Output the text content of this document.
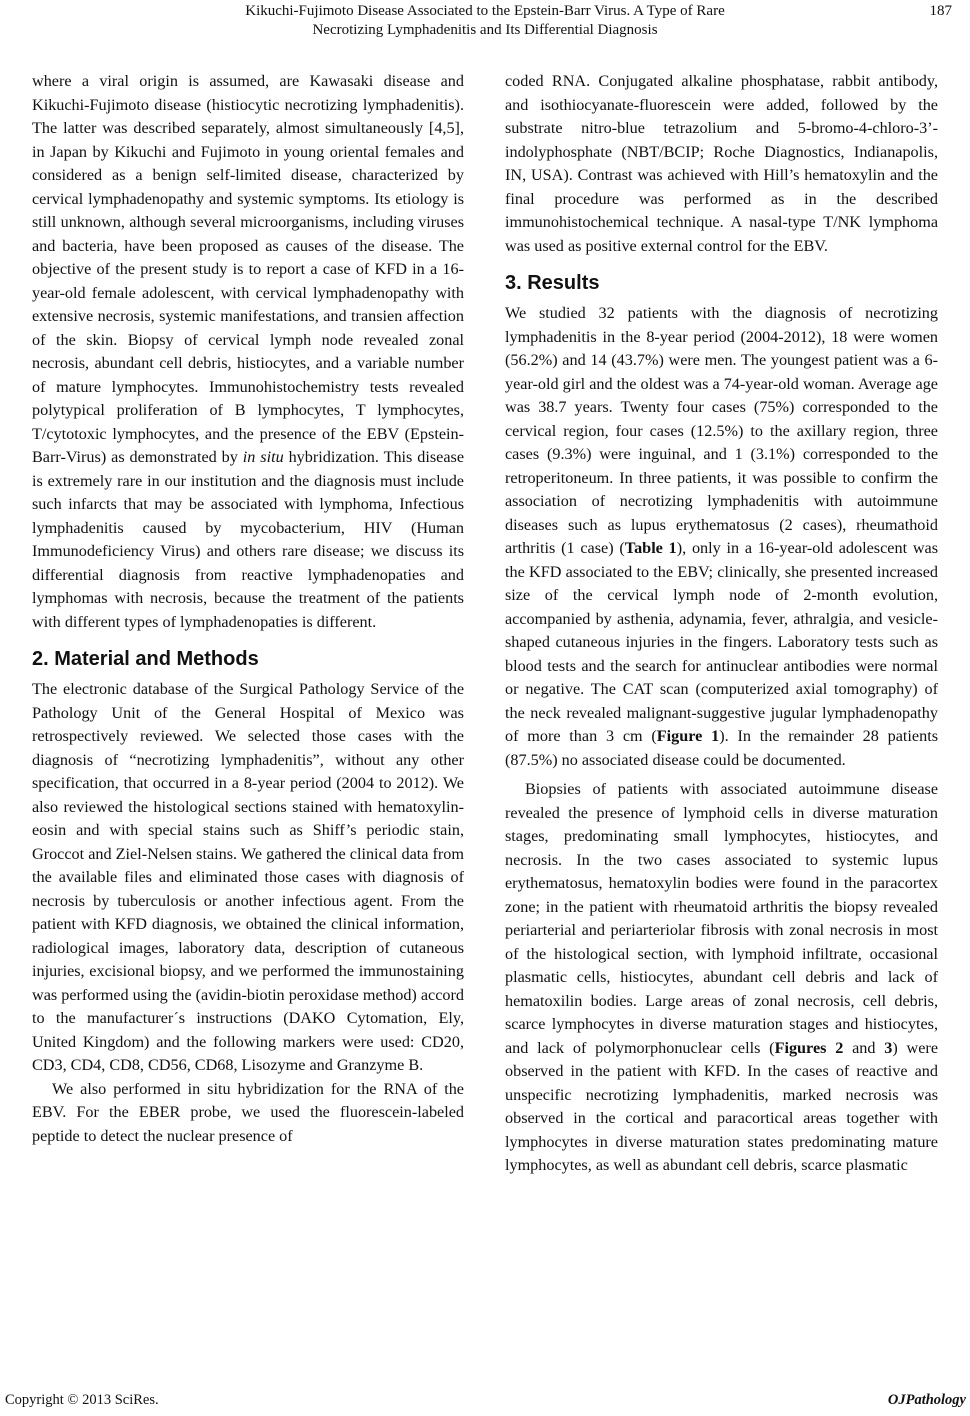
Kikuchi-Fujimoto Disease Associated to the Epstein-Barr Virus. A Type of Rare
Necrotizing Lymphadenitis and Its Differential Diagnosis
187

where a viral origin is assumed, are Kawasaki disease and Kikuchi-Fujimoto disease (histiocytic necrotizing lymphadenitis). The latter was described separately, almost simultaneously [4,5], in Japan by Kikuchi and Fujimoto in young oriental females and considered as a benign self-limited disease, characterized by cervical lymphadenopathy and systemic symptoms. Its etiology is still unknown, although several microorganisms, including viruses and bacteria, have been proposed as causes of the disease. The objective of the present study is to report a case of KFD in a 16-year-old female adolescent, with cervical lymphadenopathy with extensive necrosis, systemic manifestations, and transien affection of the skin. Biopsy of cervical lymph node revealed zonal necrosis, abundant cell debris, histiocytes, and a variable number of mature lymphocytes. Immunohistochemistry tests revealed polytypical proliferation of B lymphocytes, T lymphocytes, T/cytotoxic lymphocytes, and the presence of the EBV (Epstein-Barr-Virus) as demonstrated by in situ hybridization. This disease is extremely rare in our institution and the diagnosis must include such infarcts that may be associated with lymphoma, Infectious lymphadenitis caused by mycobacterium, HIV (Human Immunodeficiency Virus) and others rare disease; we discuss its differential diagnosis from reactive lymphadenopaties and lymphomas with necrosis, because the treatment of the patients with different types of lymphadenopaties is different.

2. Material and Methods

The electronic database of the Surgical Pathology Service of the Pathology Unit of the General Hospital of Mexico was retrospectively reviewed. We selected those cases with the diagnosis of “necrotizing lymphadenitis”, without any other specification, that occurred in a 8-year period (2004 to 2012). We also reviewed the histological sections stained with hematoxylin-eosin and with special stains such as Shiff’s periodic stain, Groccot and Ziel-Nelsen stains. We gathered the clinical data from the available files and eliminated those cases with diagnosis of necrosis by tuberculosis or another infectious agent. From the patient with KFD diagnosis, we obtained the clinical information, radiological images, laboratory data, description of cutaneous injuries, excisional biopsy, and we performed the immunostaining was performed using the (avidin-biotin peroxidase method) accord to the manufacturer´s instructions (DAKO Cytomation, Ely, United Kingdom) and the following markers were used: CD20, CD3, CD4, CD8, CD56, CD68, Lisozyme and Granzyme B.

We also performed in situ hybridization for the RNA of the EBV. For the EBER probe, we used the fluorescein-labeled peptide to detect the nuclear presence of

coded RNA. Conjugated alkaline phosphatase, rabbit antibody, and isothiocyanate-fluorescein were added, followed by the substrate nitro-blue tetrazolium and 5-bromo-4-chloro-3’-indolyphosphate (NBT/BCIP; Roche Diagnostics, Indianapolis, IN, USA). Contrast was achieved with Hill’s hematoxylin and the final procedure was performed as in the described immunohistochemical technique. A nasal-type T/NK lymphoma was used as positive external control for the EBV.

3. Results

We studied 32 patients with the diagnosis of necrotizing lymphadenitis in the 8-year period (2004-2012), 18 were women (56.2%) and 14 (43.7%) were men. The youngest patient was a 6-year-old girl and the oldest was a 74-year-old woman. Average age was 38.7 years. Twenty four cases (75%) corresponded to the cervical region, four cases (12.5%) to the axillary region, three cases (9.3%) were inguinal, and 1 (3.1%) corresponded to the retroperitoneum. In three patients, it was possible to confirm the association of necrotizing lymphadenitis with autoimmune diseases such as lupus erythematosus (2 cases), rheumathoid arthritis (1 case) (Table 1), only in a 16-year-old adolescent was the KFD associated to the EBV; clinically, she presented increased size of the cervical lymph node of 2-month evolution, accompanied by asthenia, adynamia, fever, athralgia, and vesicle-shaped cutaneous injuries in the fingers. Laboratory tests such as blood tests and the search for antinuclear antibodies were normal or negative. The CAT scan (computerized axial tomography) of the neck revealed malignant-suggestive jugular lymphadenopathy of more than 3 cm (Figure 1). In the remainder 28 patients (87.5%) no associated disease could be documented.

Biopsies of patients with associated autoimmune disease revealed the presence of lymphoid cells in diverse maturation stages, predominating small lymphocytes, histiocytes, and necrosis. In the two cases associated to systemic lupus erythematosus, hematoxylin bodies were found in the paracortex zone; in the patient with rheumatoid arthritis the biopsy revealed periarterial and periarteriolar fibrosis with zonal necrosis in most of the histological section, with lymphoid infiltrate, occasional plasmatic cells, histiocytes, abundant cell debris and lack of hematoxilin bodies. Large areas of zonal necrosis, cell debris, scarce lymphocytes in diverse maturation stages and histiocytes, and lack of polymorphonuclear cells (Figures 2 and 3) were observed in the patient with KFD. In the cases of reactive and unspecific necrotizing lymphadenitis, marked necrosis was observed in the cortical and paracortical areas together with lymphocytes in diverse maturation states predominating mature lymphocytes, as well as abundant cell debris, scarce plasmatic

Copyright © 2013 SciRes.	OJPathology
